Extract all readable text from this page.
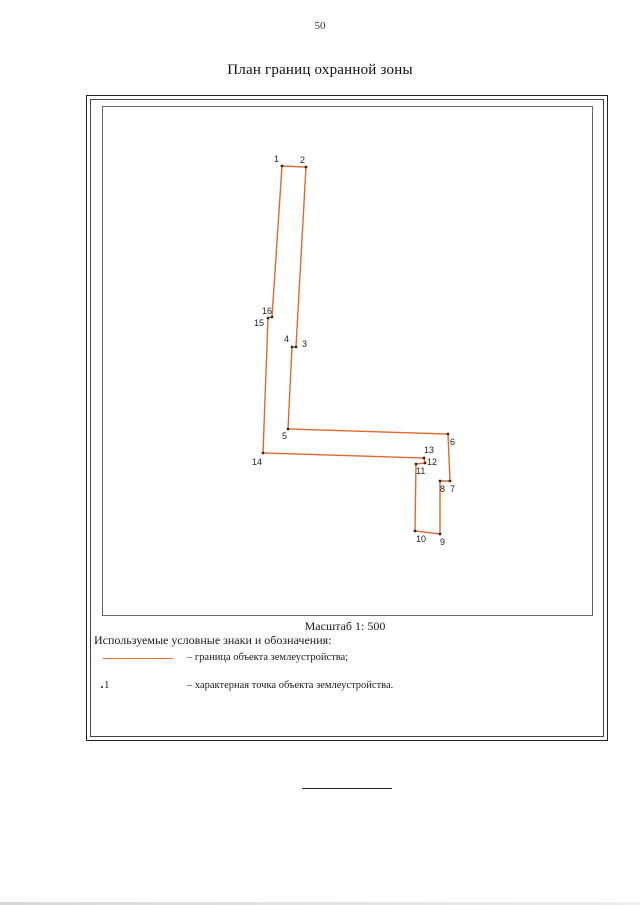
50
План границ охранной зоны
1 2
3
4
5
6
7
8
9
10
11
12
13
14
15
16
Масштаб 1: 500
Используемые условные знаки и обозначения:
– граница объекта землеустройства;
1	– характерная точка объекта землеустройства.
